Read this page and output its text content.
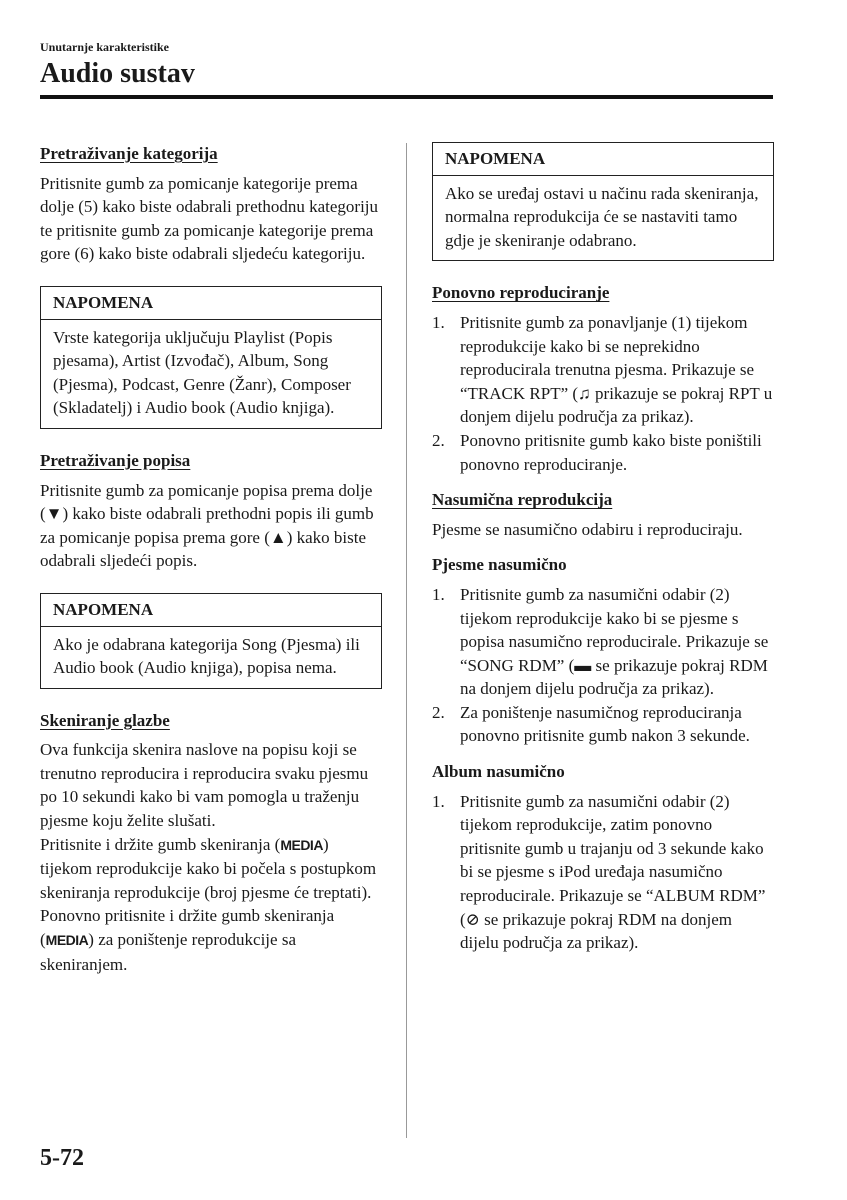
Unutarnje karakteristike
Audio sustav
Pretraživanje kategorija

Pritisnite gumb za pomicanje kategorije prema dolje (5) kako biste odabrali prethodnu kategoriju te pritisnite gumb za pomicanje kategorije prema gore (6) kako biste odabrali sljedeću kategoriju.

NAPOMENA
Vrste kategorija uključuju Playlist (Popis pjesama), Artist (Izvođač), Album, Song (Pjesma), Podcast, Genre (Žanr), Composer (Skladatelj) i Audio book (Audio knjiga).
Pretraživanje popisa

Pritisnite gumb za pomicanje popisa prema dolje (▼) kako biste odabrali prethodni popis ili gumb za pomicanje popisa prema gore (▲) kako biste odabrali sljedeći popis.

NAPOMENA
Ako je odabrana kategorija Song (Pjesma) ili Audio book (Audio knjiga), popisa nema.
Skeniranje glazbe

Ova funkcija skenira naslove na popisu koji se trenutno reproducira i reproducira svaku pjesmu po 10 sekundi kako bi vam pomogla u traženju pjesme koju želite slušati.

Pritisnite i držite gumb skeniranja (MEDIA) tijekom reprodukcije kako bi počela s postupkom skeniranja reprodukcije (broj pjesme će treptati). Ponovno pritisnite i držite gumb skeniranja (MEDIA) za poništenje reprodukcije sa skeniranjem.

NAPOMENA
Ako se uređaj ostavi u načinu rada skeniranja, normalna reprodukcija će se nastaviti tamo gdje je skeniranje odabrano.
Ponovno reproduciranje
1. Pritisnite gumb za ponavljanje (1) tijekom reprodukcije kako bi se neprekidno reproducirala trenutna pjesma. Prikazuje se “TRACK RPT” (♫ prikazuje se pokraj RPT u donjem dijelu područja za prikaz).
2. Ponovno pritisnite gumb kako biste poništili ponovno reproduciranje.
Nasumična reprodukcija

Pjesme se nasumično odabiru i reproduciraju.

Pjesme nasumično
1. Pritisnite gumb za nasumični odabir (2) tijekom reprodukcije kako bi se pjesme s popisa nasumično reproducirale. Prikazuje se “SONG RDM” (▬ se prikazuje pokraj RDM na donjem dijelu područja za prikaz).
2. Za poništenje nasumičnog reproduciranja ponovno pritisnite gumb nakon 3 sekunde.
Album nasumično
1. Pritisnite gumb za nasumični odabir (2) tijekom reprodukcije, zatim ponovno pritisnite gumb u trajanju od 3 sekunde kako bi se pjesme s iPod uređaja nasumično reproducirale. Prikazuje se “ALBUM RDM” (⊘ se prikazuje pokraj RDM na donjem dijelu područja za prikaz).
5-72
